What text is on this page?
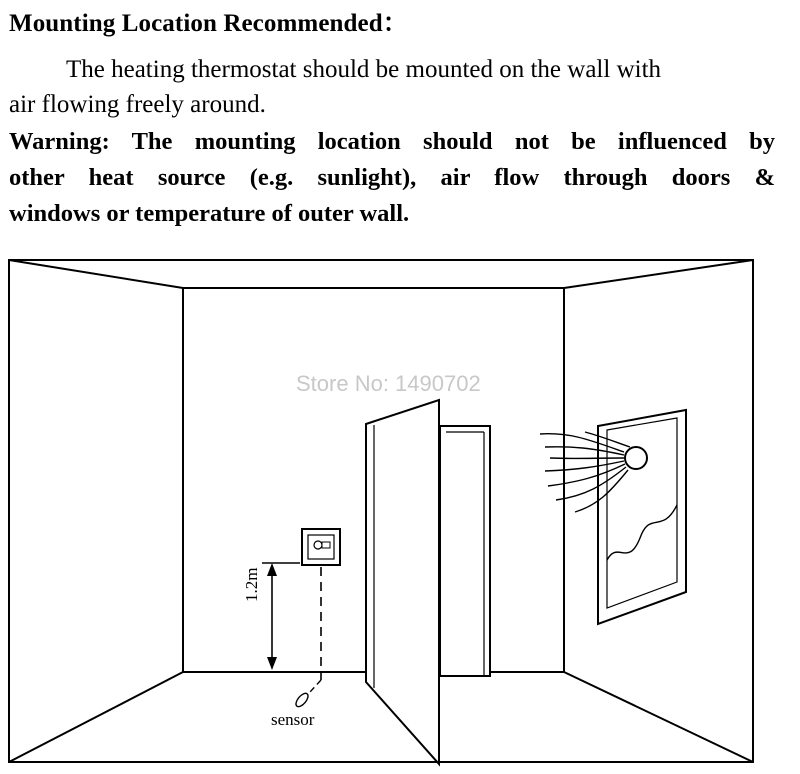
Mounting Location Recommended：

The heating thermostat should be mounted on the wall with

air flowing freely around.

Warning: The mounting location should not be influenced by
other heat source (e.g. sunlight), air flow through doors &
windows or temperature of outer wall.
Store No: 1490702
1.2m
sensor
